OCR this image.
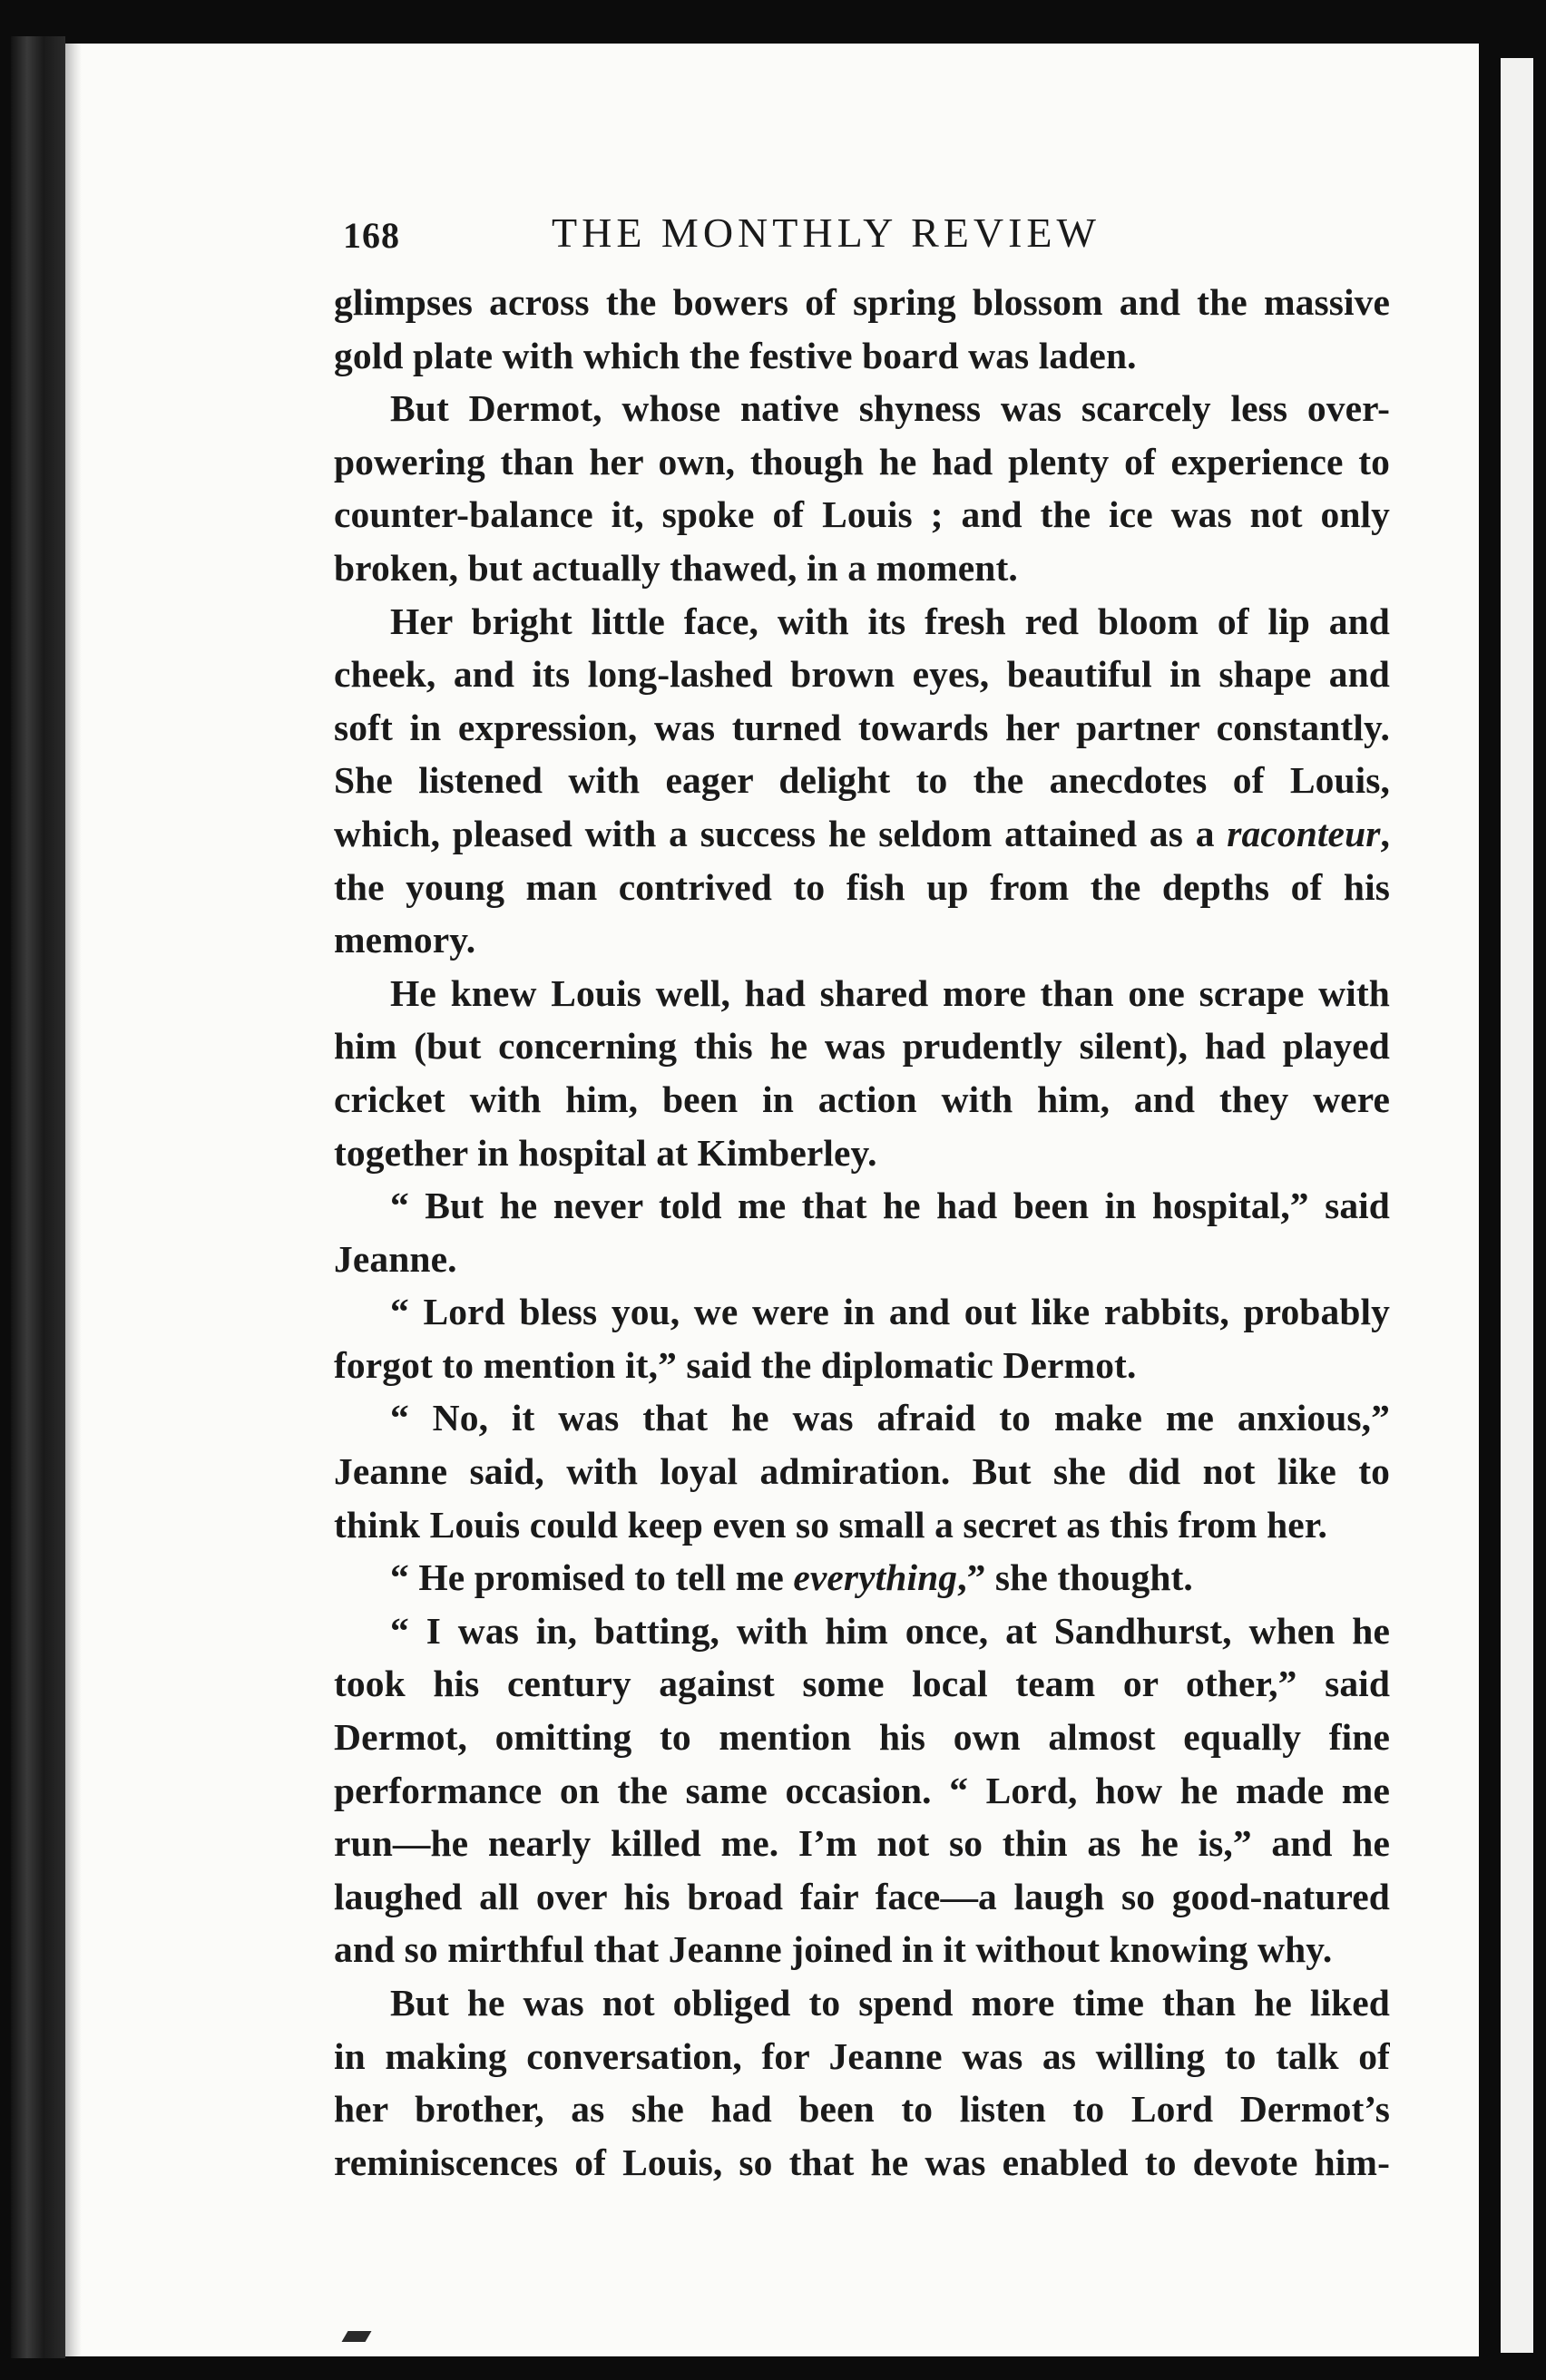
168	THE MONTHLY REVIEW
glimpses across the bowers of spring blossom and the massive
gold plate with which the festive board was laden.
But Dermot, whose native shyness was scarcely less over-
powering than her own, though he had plenty of experience to
counter-balance it, spoke of Louis ; and the ice was not only
broken, but actually thawed, in a moment.
Her bright little face, with its fresh red bloom of lip and
cheek, and its long-lashed brown eyes, beautiful in shape and
soft in expression, was turned towards her partner constantly.
She listened with eager delight to the anecdotes of Louis,
which, pleased with a success he seldom attained as a raconteur,
the young man contrived to fish up from the depths of his
memory.
He knew Louis well, had shared more than one scrape with
him (but concerning this he was prudently silent), had played
cricket with him, been in action with him, and they were
together in hospital at Kimberley.
“ But he never told me that he had been in hospital,” said
Jeanne.
“ Lord bless you, we were in and out like rabbits, probably
forgot to mention it,” said the diplomatic Dermot.
“ No, it was that he was afraid to make me anxious,”
Jeanne said, with loyal admiration. But she did not like to
think Louis could keep even so small a secret as this from her.
“ He promised to tell me everything,” she thought.
“ I was in, batting, with him once, at Sandhurst, when he
took his century against some local team or other,” said
Dermot, omitting to mention his own almost equally fine
performance on the same occasion. “ Lord, how he made me
run—he nearly killed me. I’m not so thin as he is,” and he
laughed all over his broad fair face—a laugh so good-natured
and so mirthful that Jeanne joined in it without knowing why.
But he was not obliged to spend more time than he liked
in making conversation, for Jeanne was as willing to talk of
her brother, as she had been to listen to Lord Dermot’s
reminiscences of Louis, so that he was enabled to devote him-
